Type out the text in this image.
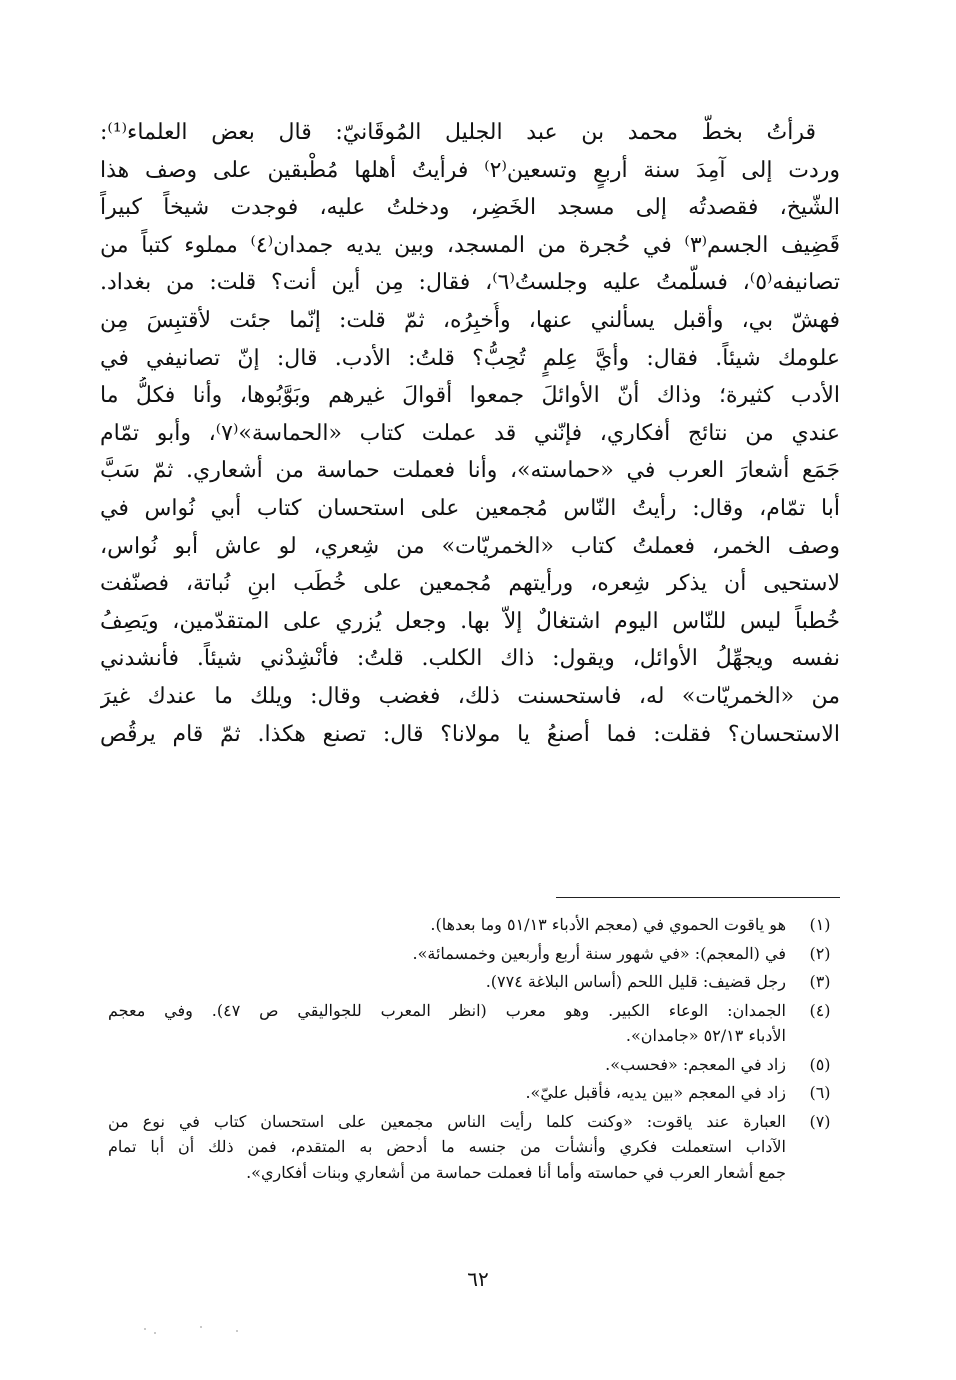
قرأتُ بخطّ محمد بن عبد الجليل المُوقَانيّ: قال بعض العلماء⁽¹⁾:
وردت إلى آمِدَ سنة أربعٍ وتسعين⁽٢⁾ فرأيتُ أهلها مُطْبقين على وصف هذا
الشّيخ، فقصدتُه إلى مسجد الخَضِر، ودخلتُ عليه، فوجدت شيخاً كبيراً
قَضِيف الجسم⁽٣⁾ في حُجرة من المسجد، وبين يديه جمدان⁽٤⁾ مملوء كتباً من
تصانيفه⁽٥⁾، فسلّمتُ عليه وجلستُ⁽٦⁾، فقال: مِن أين أنت؟ قلت: من بغداد.
فهشّ بي، وأقبل يسألني عنها، وأُخبِرُه، ثمّ قلت: إنّما جئت لأقتبِسَ مِن
علومك شيئاً. فقال: وأيَّ عِلمٍ تُحِبُّ؟ قلتُ: الأدب. قال: إنّ تصانيفي في
الأدب كثيرة؛ وذاك أنّ الأوائلَ جمعوا أقوالَ غيرهم وبَوَّبُوها، وأنا فكلُّ ما
عندي من نتائج أفكاري، فإنّني قد عملت كتاب «الحماسة»⁽٧⁾، وأبو تمّام
جَمَع أشعارَ العرب في «حماسته»، وأنا فعملت حماسة من أشعاري. ثمّ سَبَّ
أبا تمّام، وقال: رأيتُ النّاس مُجمعين على استحسان كتاب أبي نُواس في
وصف الخمر، فعملتُ كتاب «الخمريّات» من شِعري، لو عاش أبو نُواس،
لاستحيى أن يذكر شِعره، ورأيتهم مُجمعين على خُطَب ابنِ نُباتة، فصنّفت
خُطباً ليس للنّاس اليوم اشتغالٌ إلاّ بها. وجعل يُزري على المتقدّمين، ويَصِفُ
نفسه ويجهِّلُ الأوائل، ويقول: ذاك الكلب. قلتُ: فأنْشِدْني شيئاً. فأنشدني
من «الخمريّات» له، فاستحسنت ذلك، فغضب وقال: ويلك ما عندك غيرَ
الاستحسان؟ فقلت: فما أصنعُ يا مولانا؟ قال: تصنع هكذا. ثمّ قام يرقُص
(١)
هو ياقوت الحموي في (معجم الأدباء ٥١/١٣ وما بعدها).
(٢)
في (المعجم): «في شهور سنة أربع وأربعين وخمسمائة».
(٣)
رجل قضيف: قليل اللحم (أساس البلاغة ٧٧٤).
(٤)
الجمدان: الوعاء الكبير. وهو معرب (انظر المعرب للجواليقي ص ٤٧). وفي معجم
الأدباء ٥٢/١٣ «جامدان».
(٥)
زاد في المعجم: «فحسب».
(٦)
زاد في المعجم «بين يديه، فأقبل عليّ».
(٧)
العبارة عند ياقوت: «وكنت كلما رأيت الناس مجمعين على استحسان كتاب في نوع من
الآداب استعملت فكري وأنشأت من جنسه ما أدحض به المتقدم، فمن ذلك أن أبا تمام
جمع أشعار العرب في حماسته وأما أنا فعملت حماسة من أشعاري وبنات أفكاري».
٦٢
